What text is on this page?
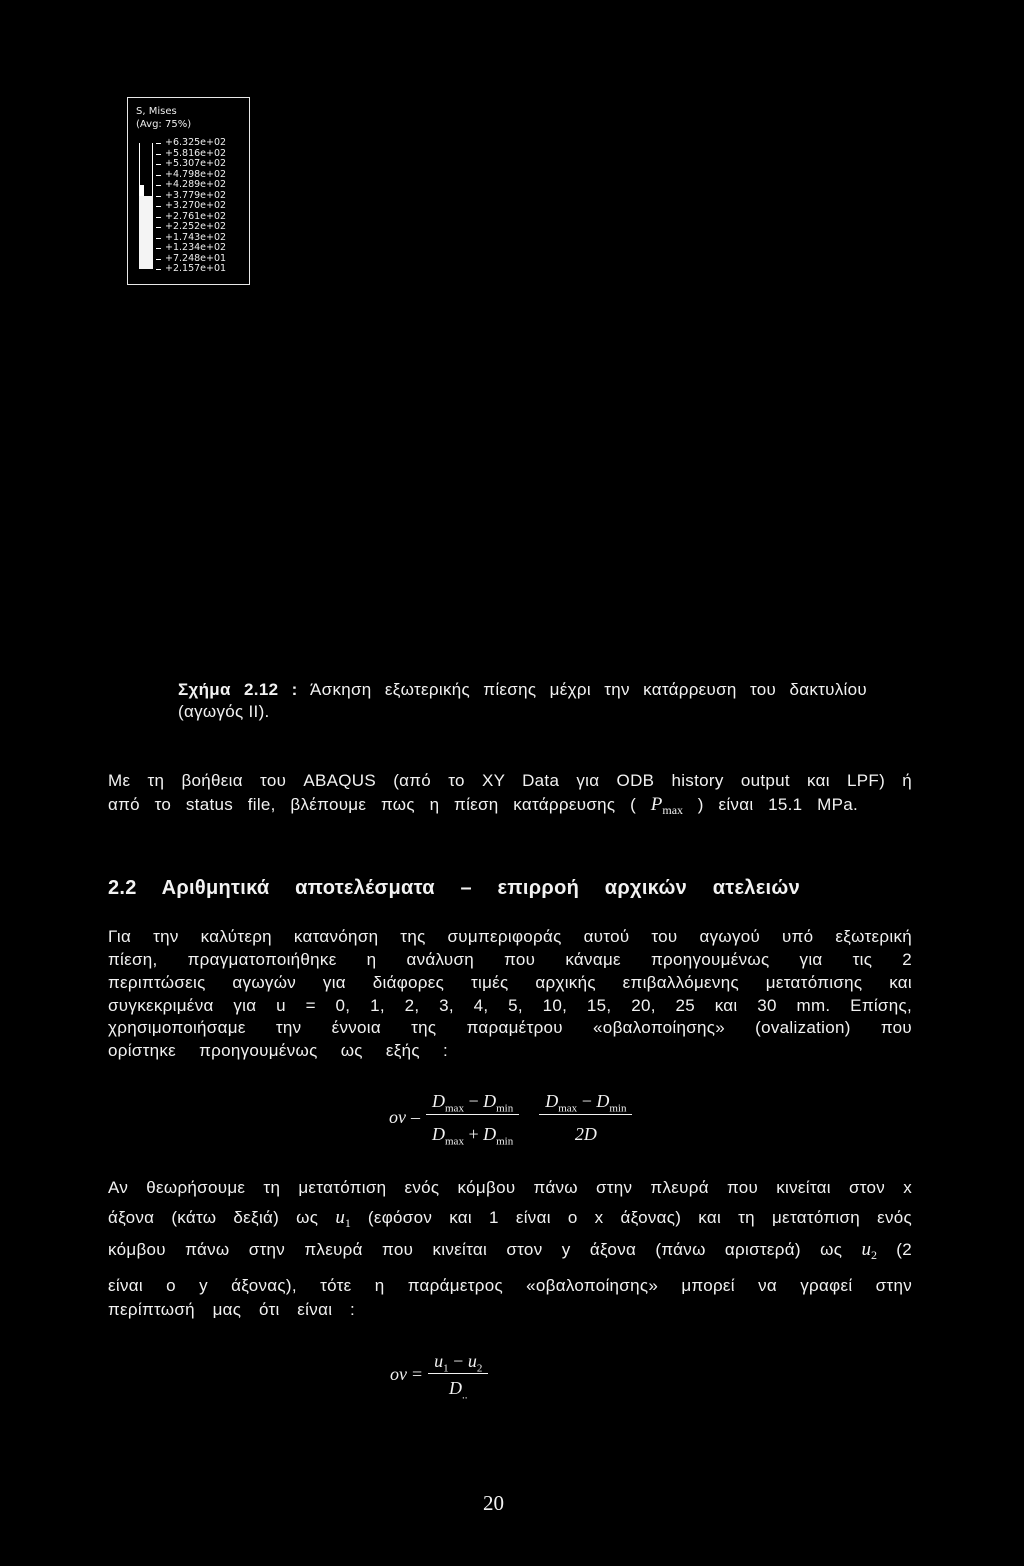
S, Mises
(Avg: 75%)
+6.325e+02
+5.816e+02
+5.307e+02
+4.798e+02
+4.289e+02
+3.779e+02
+3.270e+02
+2.761e+02
+2.252e+02
+1.743e+02
+1.234e+02
+7.248e+01
+2.157e+01
Σχήμα 2.12 : Άσκηση εξωτερικής πίεσης μέχρι την κατάρρευση του δακτυλίου
(αγωγός II).
Με τη βοήθεια του ABAQUS (από το XY Data για ODB history output και LPF) ή
από το status file, βλέπουμε πως η πίεση κατάρρευσης ( $P_{max}$ ) είναι 15.1 MPa.
2.2 Αριθμητικά αποτελέσματα – επιρροή αρχικών ατελειών
Για την καλύτερη κατανόηση της συμπεριφοράς αυτού του αγωγού υπό εξωτερική
πίεση, πραγματοποιήθηκε η ανάλυση που κάναμε προηγουμένως για τις 2
περιπτώσεις αγωγών για διάφορες τιμές αρχικής επιβαλλόμενης μετατόπισης και
συγκεκριμένα για u = 0, 1, 2, 3, 4, 5, 10, 15, 20, 25 και 30 mm. Επίσης,
χρησιμοποιήσαμε την έννοια της παραμέτρου «οβαλοποίησης» (ovalization) που
ορίστηκε προηγουμένως ως εξής :
ov – $\frac{D_{max} - D_{min}}{D_{max} + D_{min}} \frac{D_{max} - D_{min}}{2D}$
Αν θεωρήσουμε τη μετατόπιση ενός κόμβου πάνω στην πλευρά που κινείται στον x
άξονα (κάτω δεξιά) ως $u_1$ (εφόσον και 1 είναι ο x άξονας) και τη μετατόπιση ενός
κόμβου πάνω στην πλευρά που κινείται στον y άξονα (πάνω αριστερά) ως $u_2$ (2
είναι ο y άξονας), τότε η παράμετρος «οβαλοποίησης» μπορεί να γραφεί στην
περίπτωσή μας ότι είναι :
ov = $\frac{u_1 - u_2}{D_{..}}$
20
